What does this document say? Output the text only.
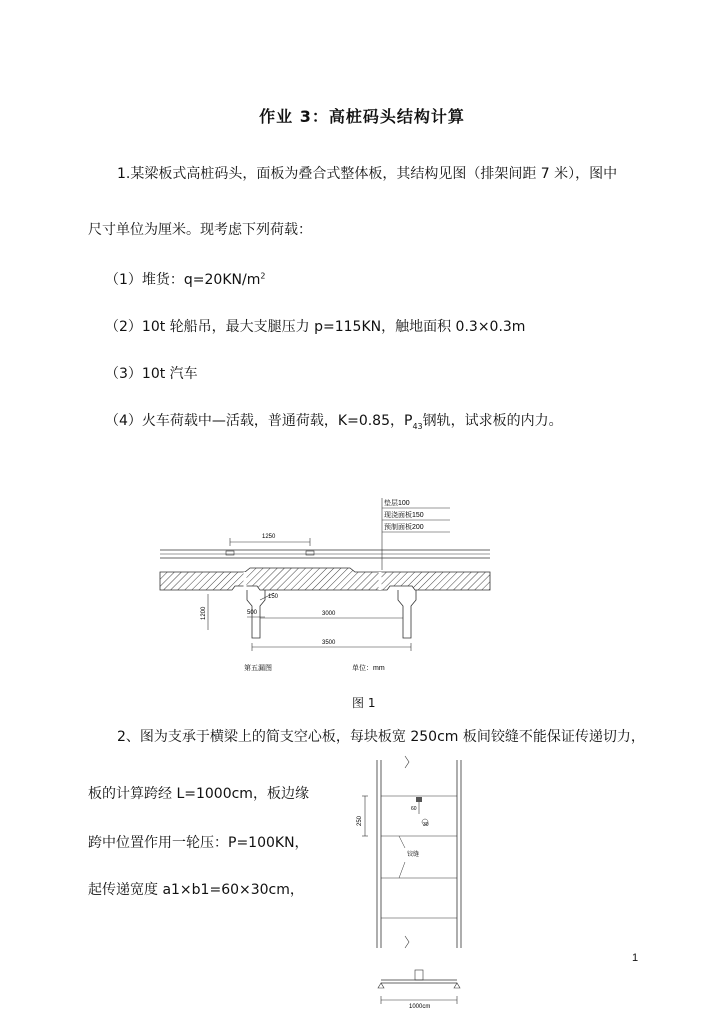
作业 3：高桩码头结构计算
1.某梁板式高桩码头，面板为叠合式整体板，其结构见图（排架间距 7 米），图中
尺寸单位为厘米。现考虑下列荷载：
（1）堆货：$q=20KN/m^2$
（2）10t 轮船吊，最大支腿压力 p=115KN，触地面积 0.3×0.3m
（3）10t 汽车
（4）火车荷载中—活载，普通荷载，K=0.85，$P_{43}$钢轨，试求板的内力。
垫层100
现浇面板150
预制面板200
1250
150
500	3000
3500
1200
第五漏图	单位：mm
图 1
2、图为支承于横梁上的简支空心板，每块板宽 250cm 板间铰缝不能保证传递切力，
板的计算跨经 L=1000cm，板边缘
跨中位置作用一轮压：P=100KN，
起传递宽度 a1×b1=60×30cm，
60
30
250
铰缝
1000cm
1
